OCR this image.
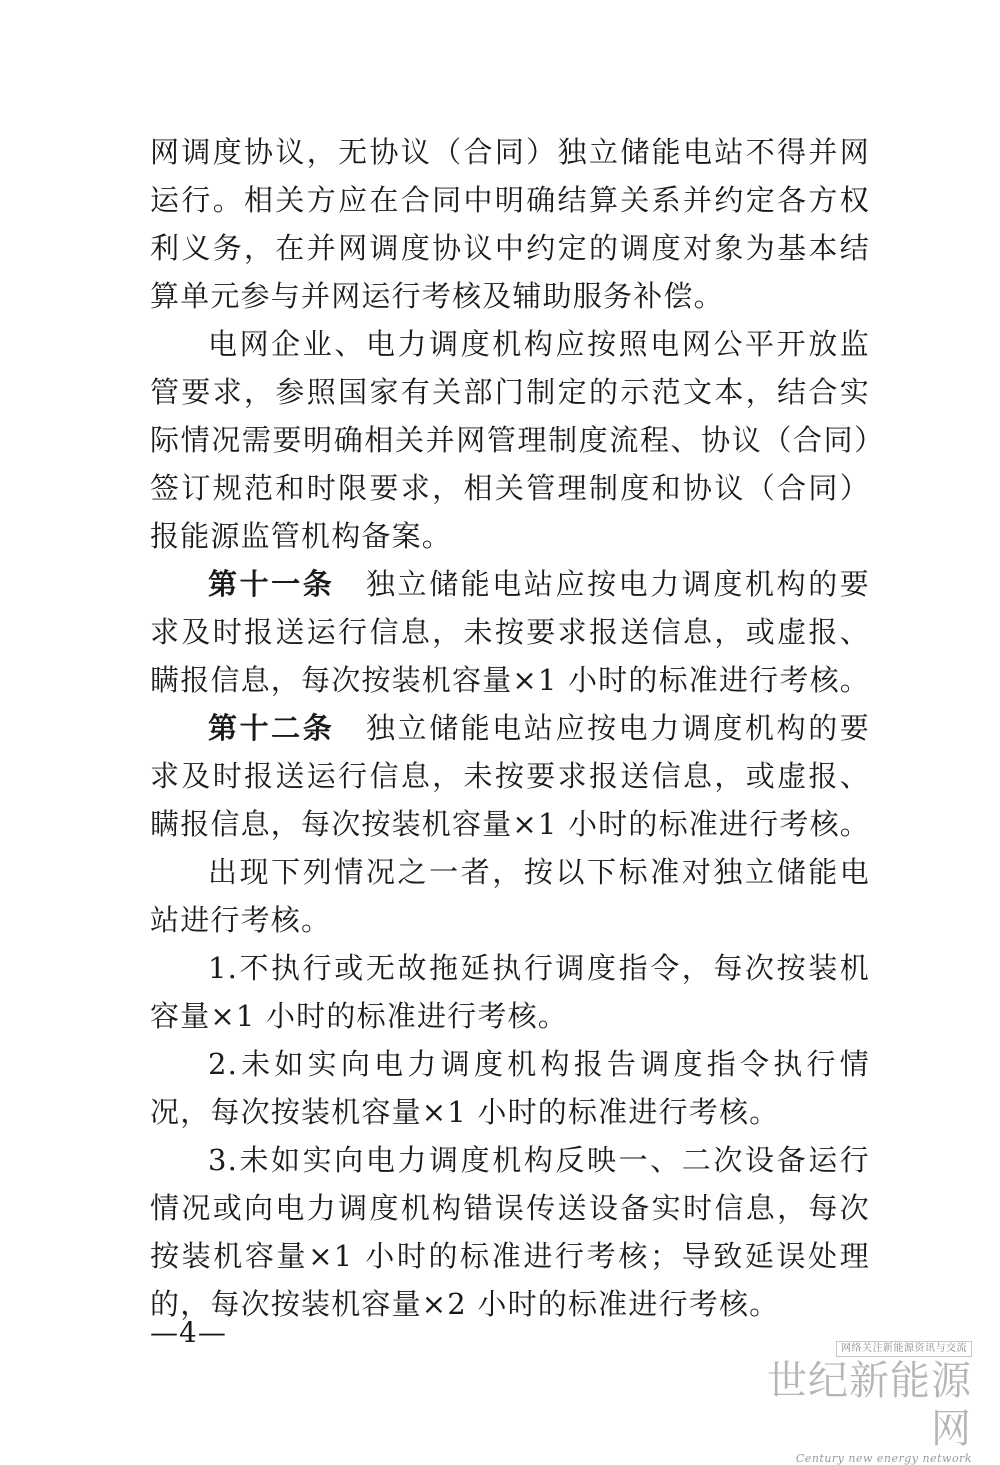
网调度协议，无协议（合同）独立储能电站不得并网运行。相关方应在合同中明确结算关系并约定各方权利义务，在并网调度协议中约定的调度对象为基本结算单元参与并网运行考核及辅助服务补偿。

电网企业、电力调度机构应按照电网公平开放监管要求，参照国家有关部门制定的示范文本，结合实际情况需要明确相关并网管理制度流程、协议（合同）签订规范和时限要求，相关管理制度和协议（合同）报能源监管机构备案。

第十一条  独立储能电站应按电力调度机构的要求及时报送运行信息，未按要求报送信息，或虚报、瞒报信息，每次按装机容量×1 小时的标准进行考核。

第十二条  独立储能电站应按电力调度机构的要求及时报送运行信息，未按要求报送信息，或虚报、瞒报信息，每次按装机容量×1 小时的标准进行考核。

出现下列情况之一者，按以下标准对独立储能电站进行考核。

1.不执行或无故拖延执行调度指令，每次按装机容量×1 小时的标准进行考核。

2.未如实向电力调度机构报告调度指令执行情况，每次按装机容量×1 小时的标准进行考核。

3.未如实向电力调度机构反映一、二次设备运行情况或向电力调度机构错误传送设备实时信息，每次按装机容量×1 小时的标准进行考核；导致延误处理的，每次按装机容量×2 小时的标准进行考核。

—4—	网络关注新能源资讯与交流
世纪新能源网
Century new energy network
